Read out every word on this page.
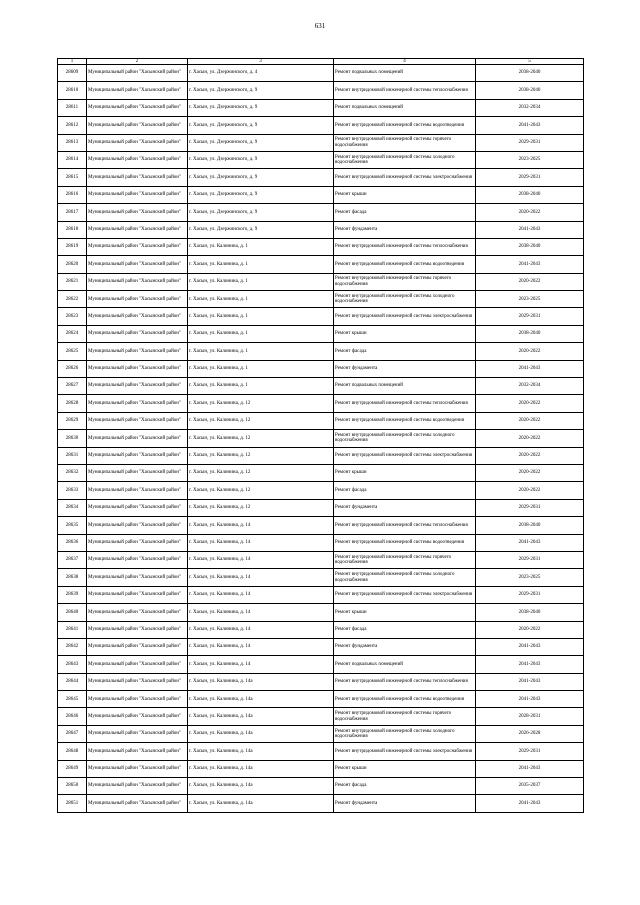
631
1	2	3	4	5
28609	Муниципальный район "Хасынский район"	г. Хасын, ул. Дзержинского, д. 4	Ремонт подвальных помещений	2038-2040
28610	Муниципальный район "Хасынский район"	г. Хасын, ул. Дзержинского, д. 9	Ремонт внутридомовой инженерной системы теплоснабжения	2038-2040
28611	Муниципальный район "Хасынский район"	г. Хасын, ул. Дзержинского, д. 9	Ремонт подвальных помещений	2032-2034
28612	Муниципальный район "Хасынский район"	г. Хасын, ул. Дзержинского, д. 9	Ремонт внутридомовой инженерной системы водоотведения	2041-2043
28613	Муниципальный район "Хасынский район"	г. Хасын, ул. Дзержинского, д. 9	Ремонт внутридомовой инженерной системы горячего водоснабжения	2029-2031
28614	Муниципальный район "Хасынский район"	г. Хасын, ул. Дзержинского, д. 9	Ремонт внутридомовой инженерной системы холодного водоснабжения	2023-2025
28615	Муниципальный район "Хасынский район"	г. Хасын, ул. Дзержинского, д. 9	Ремонт внутридомовой инженерной системы электроснабжения	2029-2031
28616	Муниципальный район "Хасынский район"	г. Хасын, ул. Дзержинского, д. 9	Ремонт крыши	2038-2040
28617	Муниципальный район "Хасынский район"	г. Хасын, ул. Дзержинского, д. 9	Ремонт фасада	2020-2022
28618	Муниципальный район "Хасынский район"	г. Хасын, ул. Дзержинского, д. 9	Ремонт фундамента	2041-2043
28619	Муниципальный район "Хасынский район"	г. Хасын, ул. Калинина, д. 1	Ремонт внутридомовой инженерной системы теплоснабжения	2038-2040
28620	Муниципальный район "Хасынский район"	г. Хасын, ул. Калинина, д. 1	Ремонт внутридомовой инженерной системы водоотведения	2041-2043
28621	Муниципальный район "Хасынский район"	г. Хасын, ул. Калинина, д. 1	Ремонт внутридомовой инженерной системы горячего водоснабжения	2020-2022
28622	Муниципальный район "Хасынский район"	г. Хасын, ул. Калинина, д. 1	Ремонт внутридомовой инженерной системы холодного водоснабжения	2023-2025
28623	Муниципальный район "Хасынский район"	г. Хасын, ул. Калинина, д. 1	Ремонт внутридомовой инженерной системы электроснабжения	2029-2031
28624	Муниципальный район "Хасынский район"	г. Хасын, ул. Калинина, д. 1	Ремонт крыши	2038-2040
28625	Муниципальный район "Хасынский район"	г. Хасын, ул. Калинина, д. 1	Ремонт фасада	2020-2022
28626	Муниципальный район "Хасынский район"	г. Хасын, ул. Калинина, д. 1	Ремонт фундамента	2041-2043
28627	Муниципальный район "Хасынский район"	г. Хасын, ул. Калинина, д. 1	Ремонт подвальных помещений	2032-2034
28628	Муниципальный район "Хасынский район"	г. Хасын, ул. Калинина, д. 12	Ремонт внутридомовой инженерной системы теплоснабжения	2020-2022
28629	Муниципальный район "Хасынский район"	г. Хасын, ул. Калинина, д. 12	Ремонт внутридомовой инженерной системы водоотведения	2020-2022
28630	Муниципальный район "Хасынский район"	г. Хасын, ул. Калинина, д. 12	Ремонт внутридомовой инженерной системы холодного водоснабжения	2020-2022
28631	Муниципальный район "Хасынский район"	г. Хасын, ул. Калинина, д. 12	Ремонт внутридомовой инженерной системы электроснабжения	2020-2022
28632	Муниципальный район "Хасынский район"	г. Хасын, ул. Калинина, д. 12	Ремонт крыши	2020-2022
28633	Муниципальный район "Хасынский район"	г. Хасын, ул. Калинина, д. 12	Ремонт фасада	2020-2022
28634	Муниципальный район "Хасынский район"	г. Хасын, ул. Калинина, д. 12	Ремонт фундамента	2029-2031
28635	Муниципальный район "Хасынский район"	г. Хасын, ул. Калинина, д. 14	Ремонт внутридомовой инженерной системы теплоснабжения	2038-2040
28636	Муниципальный район "Хасынский район"	г. Хасын, ул. Калинина, д. 14	Ремонт внутридомовой инженерной системы водоотведения	2041-2043
28637	Муниципальный район "Хасынский район"	г. Хасын, ул. Калинина, д. 14	Ремонт внутридомовой инженерной системы горячего водоснабжения	2029-2031
28638	Муниципальный район "Хасынский район"	г. Хасын, ул. Калинина, д. 14	Ремонт внутридомовой инженерной системы холодного водоснабжения	2023-2025
28639	Муниципальный район "Хасынский район"	г. Хасын, ул. Калинина, д. 14	Ремонт внутридомовой инженерной системы электроснабжения	2029-2031
28640	Муниципальный район "Хасынский район"	г. Хасын, ул. Калинина, д. 14	Ремонт крыши	2038-2040
28641	Муниципальный район "Хасынский район"	г. Хасын, ул. Калинина, д. 14	Ремонт фасада	2020-2022
28642	Муниципальный район "Хасынский район"	г. Хасын, ул. Калинина, д. 14	Ремонт фундамента	2041-2043
28643	Муниципальный район "Хасынский район"	г. Хасын, ул. Калинина, д. 14	Ремонт подвальных помещений	2041-2043
28644	Муниципальный район "Хасынский район"	г. Хасын, ул. Калинина, д. 14а	Ремонт внутридомовой инженерной системы теплоснабжения	2041-2043
28645	Муниципальный район "Хасынский район"	г. Хасын, ул. Калинина, д. 14а	Ремонт внутридомовой инженерной системы водоотведения	2041-2043
28646	Муниципальный район "Хасынский район"	г. Хасын, ул. Калинина, д. 14а	Ремонт внутридомовой инженерной системы горячего водоснабжения	2028-2031
28647	Муниципальный район "Хасынский район"	г. Хасын, ул. Калинина, д. 14а	Ремонт внутридомовой инженерной системы холодного водоснабжения	2026-2028
28648	Муниципальный район "Хасынский район"	г. Хасын, ул. Калинина, д. 14а	Ремонт внутридомовой инженерной системы электроснабжения	2029-2031
28649	Муниципальный район "Хасынский район"	г. Хасын, ул. Калинина, д. 14а	Ремонт крыши	2041-2043
28650	Муниципальный район "Хасынский район"	г. Хасын, ул. Калинина, д. 14а	Ремонт фасада	2035-2037
28651	Муниципальный район "Хасынский район"	г. Хасын, ул. Калинина, д. 14а	Ремонт фундамента	2041-2043
